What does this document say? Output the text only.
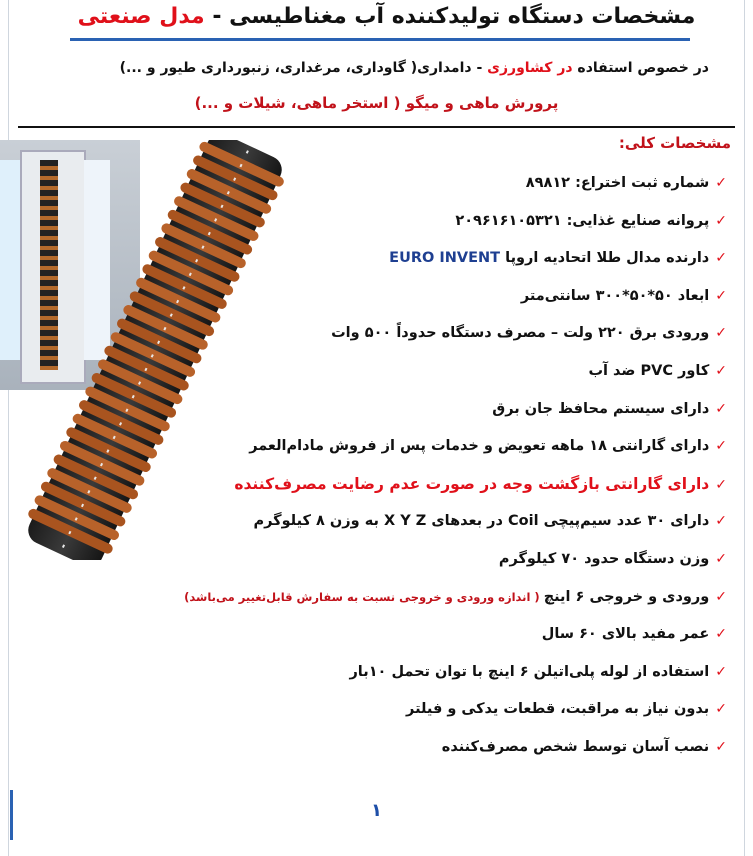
مشخصات دستگاه تولیدکننده آب مغناطیسی - مدل صنعتی
در خصوص استفاده در کشاورزی - دامداری( گاوداری، مرغداری، زنبورداری طیور و ...)
پرورش ماهی و میگو ( استخر ماهی، شیلات و ...)
مشخصات کلی:
✓شماره ثبت اختراع: ۸۹۸۱۲
✓پروانه صنایع غذایی: ۲۰۹۶۱۶۱۰۵۳۲۱
✓دارنده مدال طلا اتحادیه اروپا EURO INVENT
✓ابعاد ۵۰*۵۰*۳۰۰ سانتی‌متر
✓ورودی برق ۲۲۰ ولت – مصرف دستگاه حدوداً ۵۰۰ وات
✓کاور PVC ضد آب
✓دارای سیستم محافظ جان برق
✓دارای گارانتی ۱۸ ماهه تعویض و خدمات پس از فروش مادام‌العمر
✓دارای گارانتی بازگشت وجه در صورت عدم رضایت مصرف‌کننده
✓دارای ۳۰ عدد سیم‌پیچی Coil در بعدهای X Y Z به وزن ۸ کیلوگرم
✓وزن دستگاه حدود ۷۰ کیلوگرم
✓ورودی و خروجی ۶ اینچ ( اندازه ورودی و خروجی نسبت به سفارش قابل‌تغییر می‌باشد)
✓عمر مفید بالای ۶۰ سال
✓استفاده از لوله پلی‌اتیلن ۶ اینچ با توان تحمل ۱۰بار
✓بدون نیاز به مراقبت، قطعات یدکی و فیلتر
✓نصب آسان توسط شخص مصرف‌کننده
۱
